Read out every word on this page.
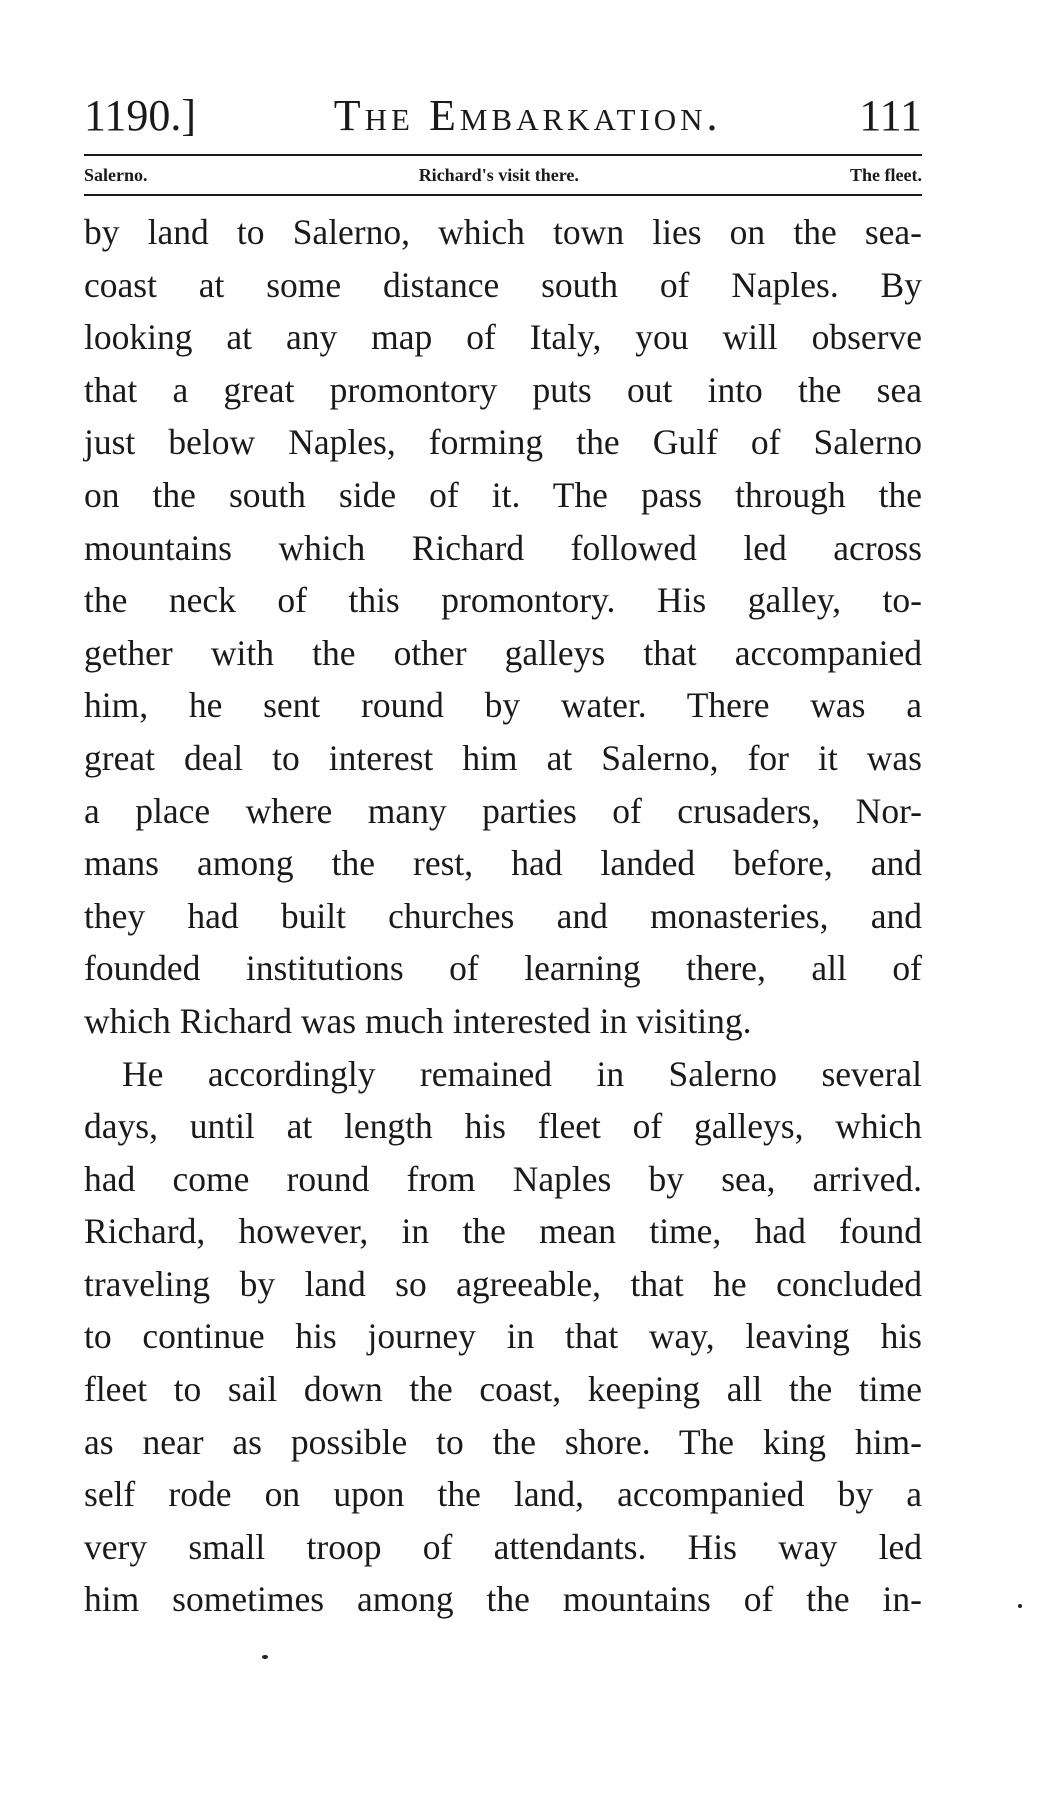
1190.]	The Embarkation.	111
Salerno.	Richard's visit there.	The fleet.
by land to Salerno, which town lies on the sea-
coast at some distance south of Naples. By
looking at any map of Italy, you will observe
that a great promontory puts out into the sea
just below Naples, forming the Gulf of Salerno
on the south side of it. The pass through the
mountains which Richard followed led across
the neck of this promontory. His galley, to-
gether with the other galleys that accompanied
him, he sent round by water. There was a
great deal to interest him at Salerno, for it was
a place where many parties of crusaders, Nor-
mans among the rest, had landed before, and
they had built churches and monasteries, and
founded institutions of learning there, all of
which Richard was much interested in visiting.
He accordingly remained in Salerno several
days, until at length his fleet of galleys, which
had come round from Naples by sea, arrived.
Richard, however, in the mean time, had found
traveling by land so agreeable, that he concluded
to continue his journey in that way, leaving his
fleet to sail down the coast, keeping all the time
as near as possible to the shore. The king him-
self rode on upon the land, accompanied by a
very small troop of attendants. His way led
him sometimes among the mountains of the in-
